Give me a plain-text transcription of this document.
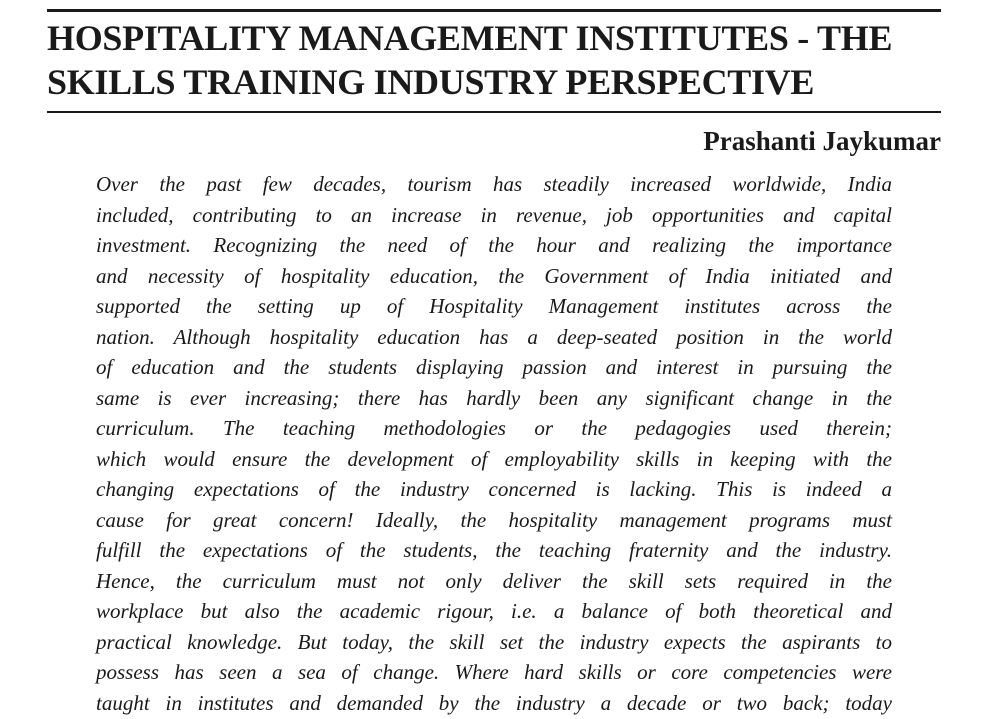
HOSPITALITY MANAGEMENT INSTITUTES - THE
SKILLS TRAINING INDUSTRY PERSPECTIVE

Prashanti Jaykumar

Over the past few decades, tourism has steadily increased worldwide, India
included, contributing to an increase in revenue, job opportunities and capital
investment. Recognizing the need of the hour and realizing the importance
and necessity of hospitality education, the Government of India initiated and
supported the setting up of Hospitality Management institutes across the
nation. Although hospitality education has a deep-seated position in the world
of education and the students displaying passion and interest in pursuing the
same is ever increasing; there has hardly been any significant change in the
curriculum. The teaching methodologies or the pedagogies used therein;
which would ensure the development of employability skills in keeping with the
changing expectations of the industry concerned is lacking. This is indeed a
cause for great concern! Ideally, the hospitality management programs must
fulfill the expectations of the students, the teaching fraternity and the industry.
Hence, the curriculum must not only deliver the skill sets required in the
workplace but also the academic rigour, i.e. a balance of both theoretical and
practical knowledge. But today, the skill set the industry expects the aspirants to
possess has seen a sea of change. Where hard skills or core competencies were
taught in institutes and demanded by the industry a decade or two back; today
